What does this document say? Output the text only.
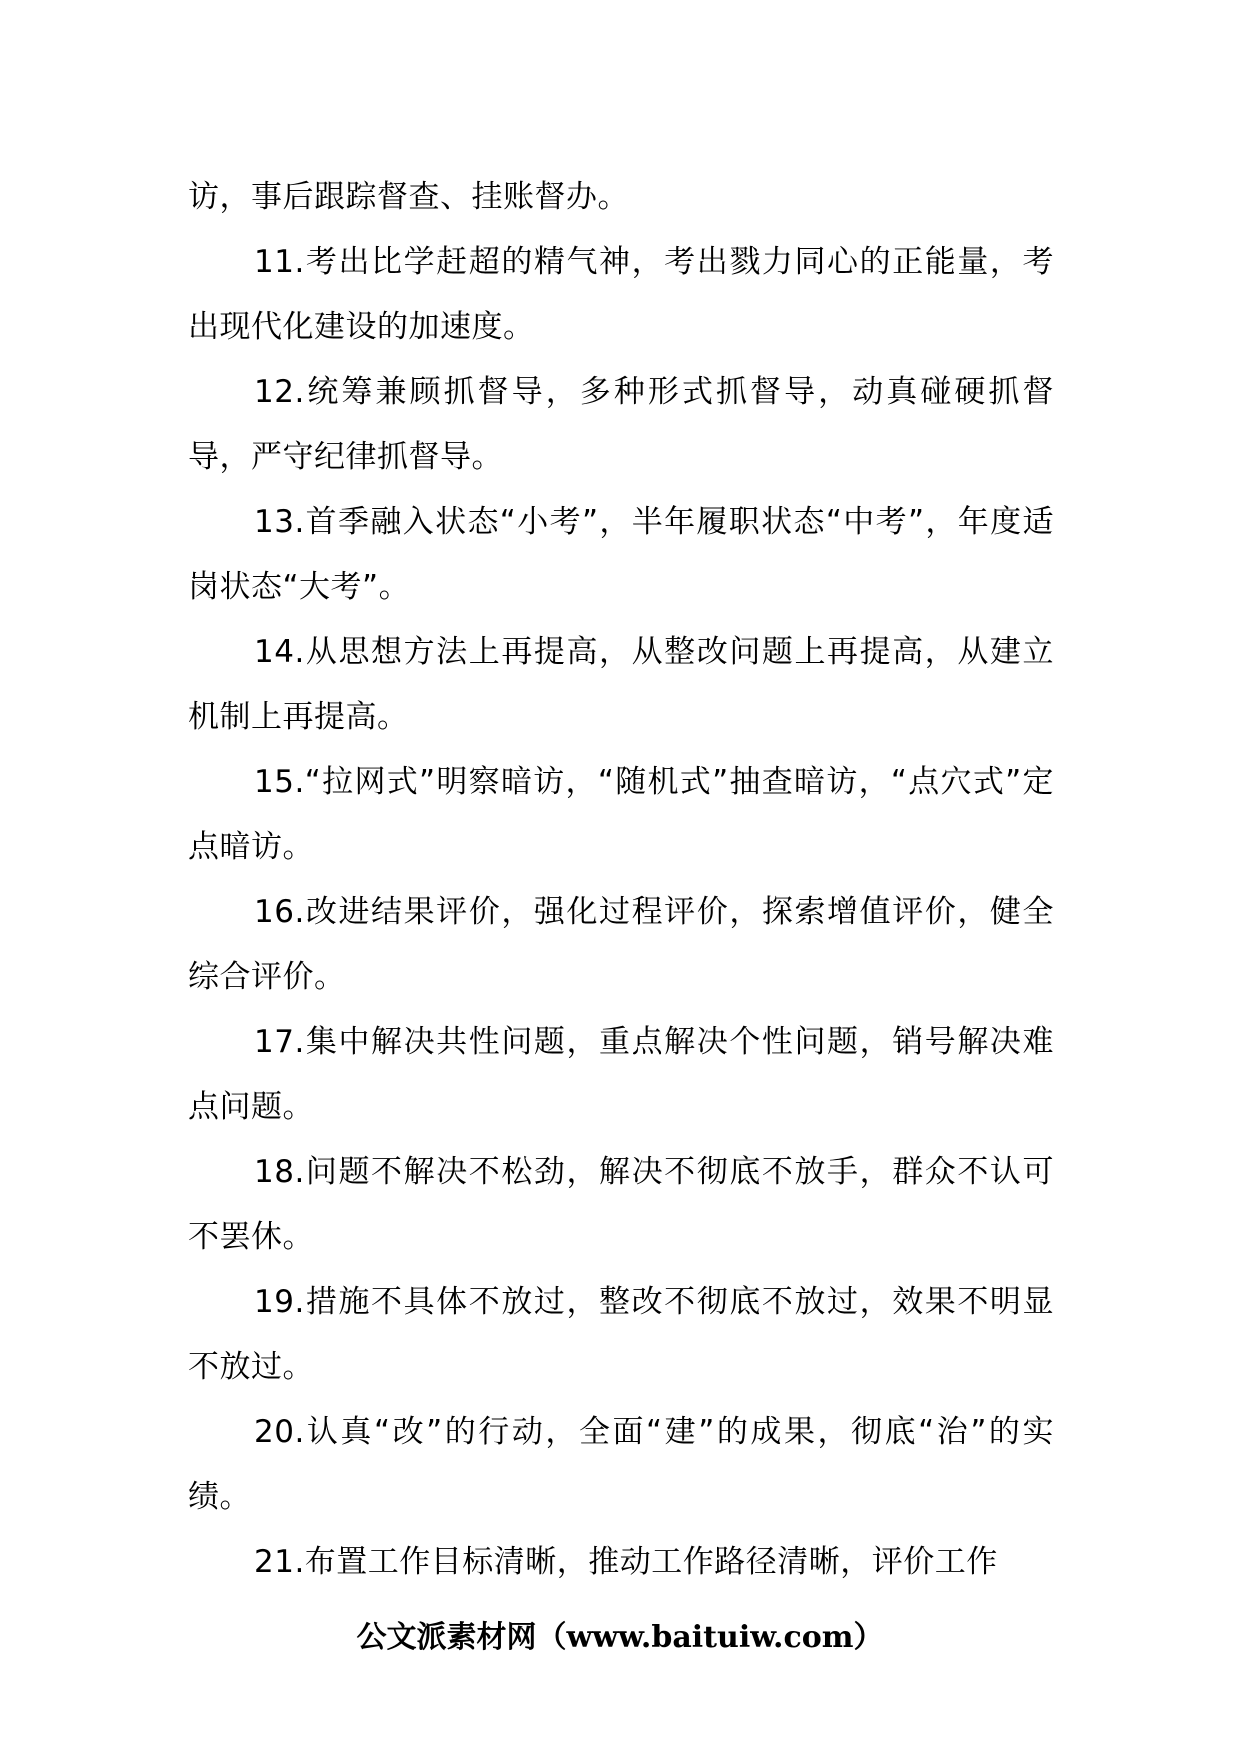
访，事后跟踪督查、挂账督办。

11.考出比学赶超的精气神，考出戮力同心的正能量，考出现代化建设的加速度。

12.统筹兼顾抓督导，多种形式抓督导，动真碰硬抓督导，严守纪律抓督导。

13.首季融入状态“小考”，半年履职状态“中考”，年度适岗状态“大考”。

14.从思想方法上再提高，从整改问题上再提高，从建立机制上再提高。

15.“拉网式”明察暗访，“随机式”抽查暗访，“点穴式”定点暗访。

16.改进结果评价，强化过程评价，探索增值评价，健全综合评价。

17.集中解决共性问题，重点解决个性问题，销号解决难点问题。

18.问题不解决不松劲，解决不彻底不放手，群众不认可不罢休。

19.措施不具体不放过，整改不彻底不放过，效果不明显不放过。

20.认真“改”的行动，全面“建”的成果，彻底“治”的实绩。

21.布置工作目标清晰，推动工作路径清晰，评价工作

公文派素材网（www.baituiw.com）
